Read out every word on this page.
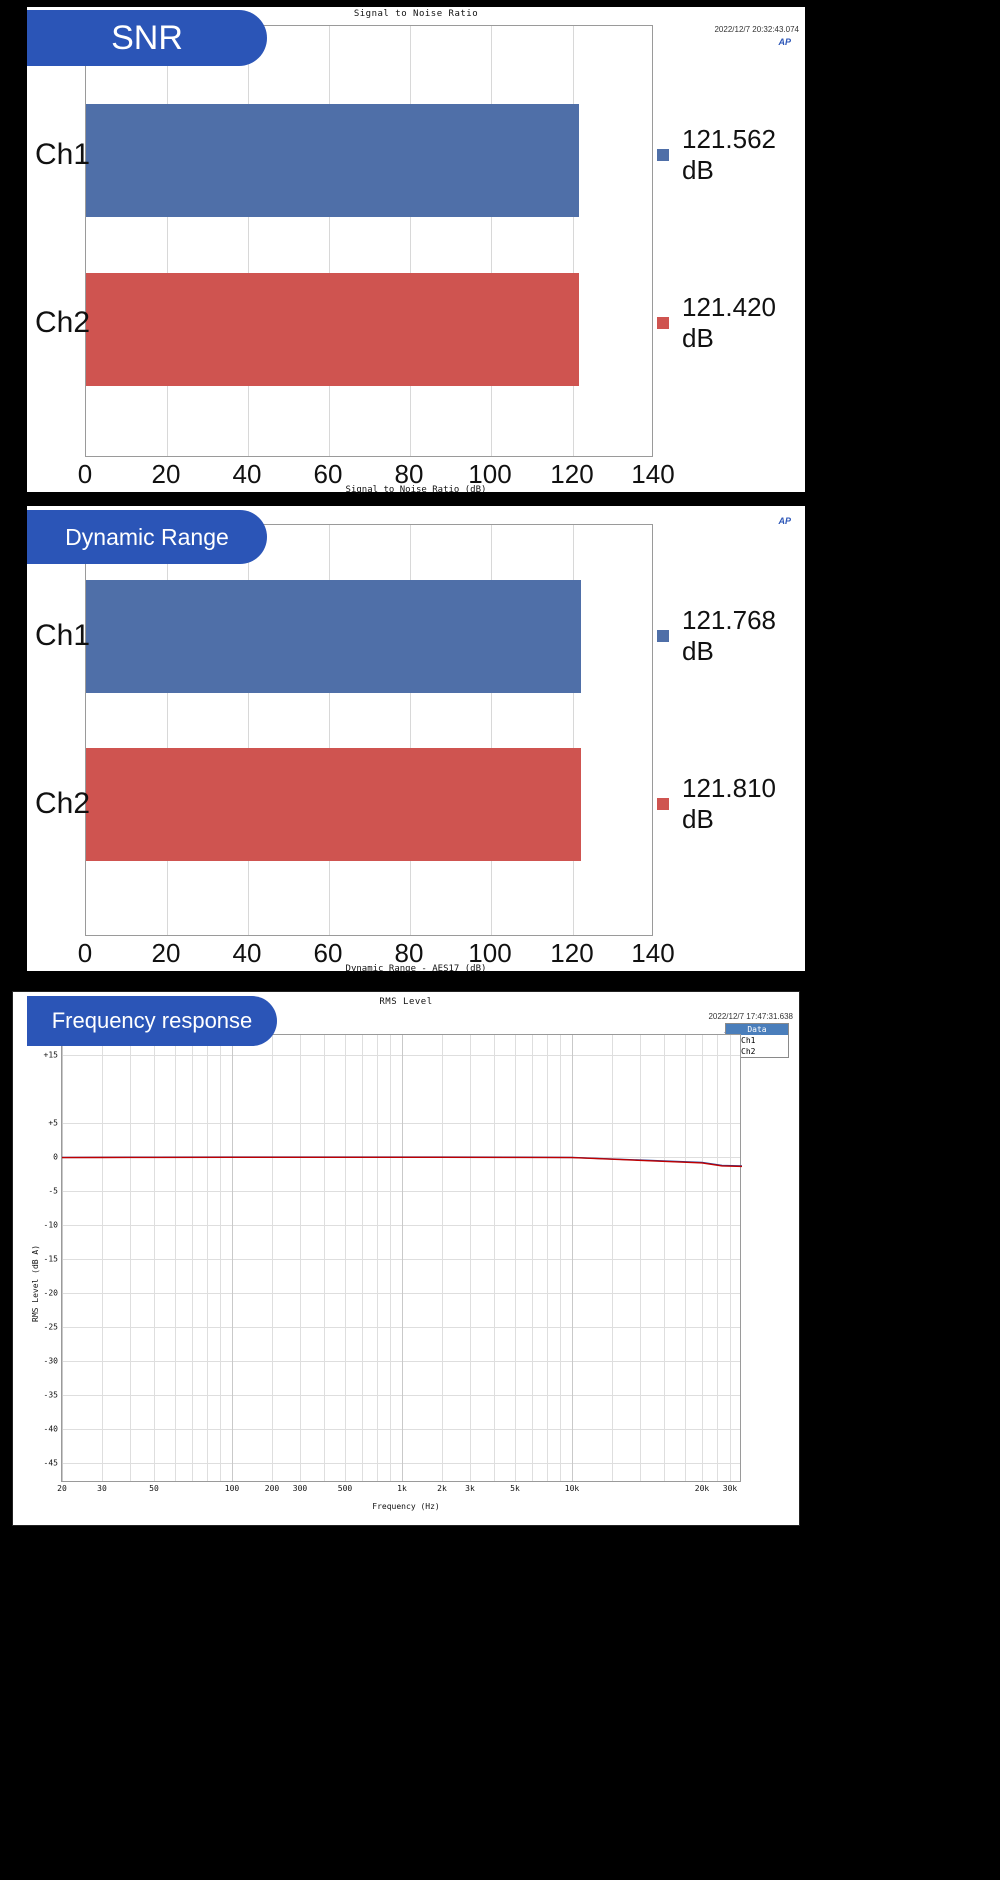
Signal to Noise Ratio
2022/12/7 20:32:43.074
AP
Ch1
Ch2
0 20 40 60 80 100 120 140
Signal to Noise Ratio (dB)
121.562 dB
121.420 dB
SNR
AP
Ch1
Ch2
0 20 40 60 80 100 120 140
Dynamic Range - AES17 (dB)
121.768 dB
121.810 dB
Dynamic Range
RMS Level
2022/12/7 17:47:31.638
Data
Ch1
Ch2
+15
+5
0
-5
-10
-15
-20
-25
-30
-35
-40
-45
20	30	50	100	200 300	500	1k	2k 3k	5k	10k	20k 30k
RMS Level (dB A)
Frequency (Hz)
Frequency response
